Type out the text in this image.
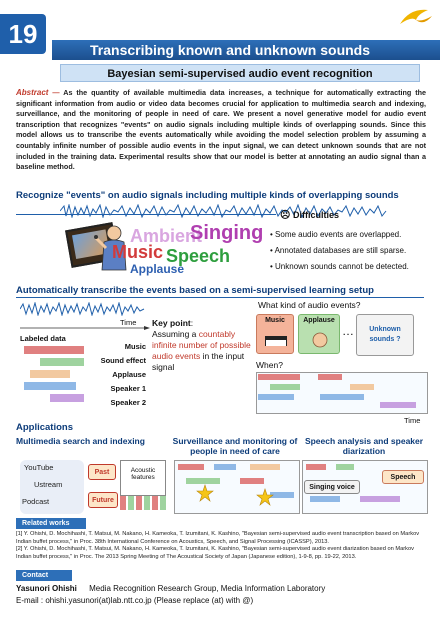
19
Transcribing known and unknown sounds
Bayesian semi-supervised audio event recognition
Abstract ― As the quantity of available multimedia data increases, a technique for automatically extracting the significant information from audio or video data becomes crucial for application to multimedia search and indexing, surveillance, and the monitoring of people in need of care. We present a novel generative model for audio event transcription that recognizes "events" on audio signals including multiple kinds of overlapping sounds. Since this model allows us to transcribe the events automatically while avoiding the model selection problem by assuming a countably infinite number of possible audio events in the input signal, we can detect unknown sounds that are not included in the training data. Experimental results show that our model is better at annotating an audio signal than a baseline method.
Recognize "events" on audio signals including multiple kinds of overlapping sounds
Ambient
Singing
Music Speech
Applause
☹ Difficulties
• Some audio events are overlapped.
• Annotated databases are still sparse.
• Unknown sounds cannot be detected.
Automatically transcribe the events based on a semi-supervised learning setup
Time
Labeled data
Music
Sound effect
Applause
Speaker 1
Speaker 2
Key point:
Assuming a countably infinite number of possible audio events in the input signal
What kind of audio events?
Music	Applause
…	Unknown sounds ?
When?
Time
Applications
Multimedia search and indexing	Surveillance and monitoring of people in need of care
Speech analysis and speaker diarization
YouTube
Ustream
Podcast
Past
Future
Acoustic features	Speech
Singing voice
Related works
[1] Y. Ohishi, D. Mochihashi, T. Matsui, M. Nakano, H. Kameoka, T. Izumitani, K. Kashino, "Bayesian semi-supervised audio event transcription based on Markov Indian buffet process," in Proc. 38th International Conference on Acoustics, Speech, and Signal Processing (ICASSP), 2013.
[2] Y. Ohishi, D. Mochihashi, T. Matsui, M. Nakano, H. Kameoka, T. Izumitani, K. Kashino, "Bayesian semi-supervised audio event diarization based on Markov Indian buffet process," in Proc. The 2013 Spring Meeting of The Acoustical Society of Japan (Japanese edition), 1-9-8, pp. 19-22, 2013.
Contact
Yasunori Ohishi Media Recognition Research Group, Media Information Laboratory
E-mail : ohishi.yasunori(at)lab.ntt.co.jp (Please replace (at) with @)
